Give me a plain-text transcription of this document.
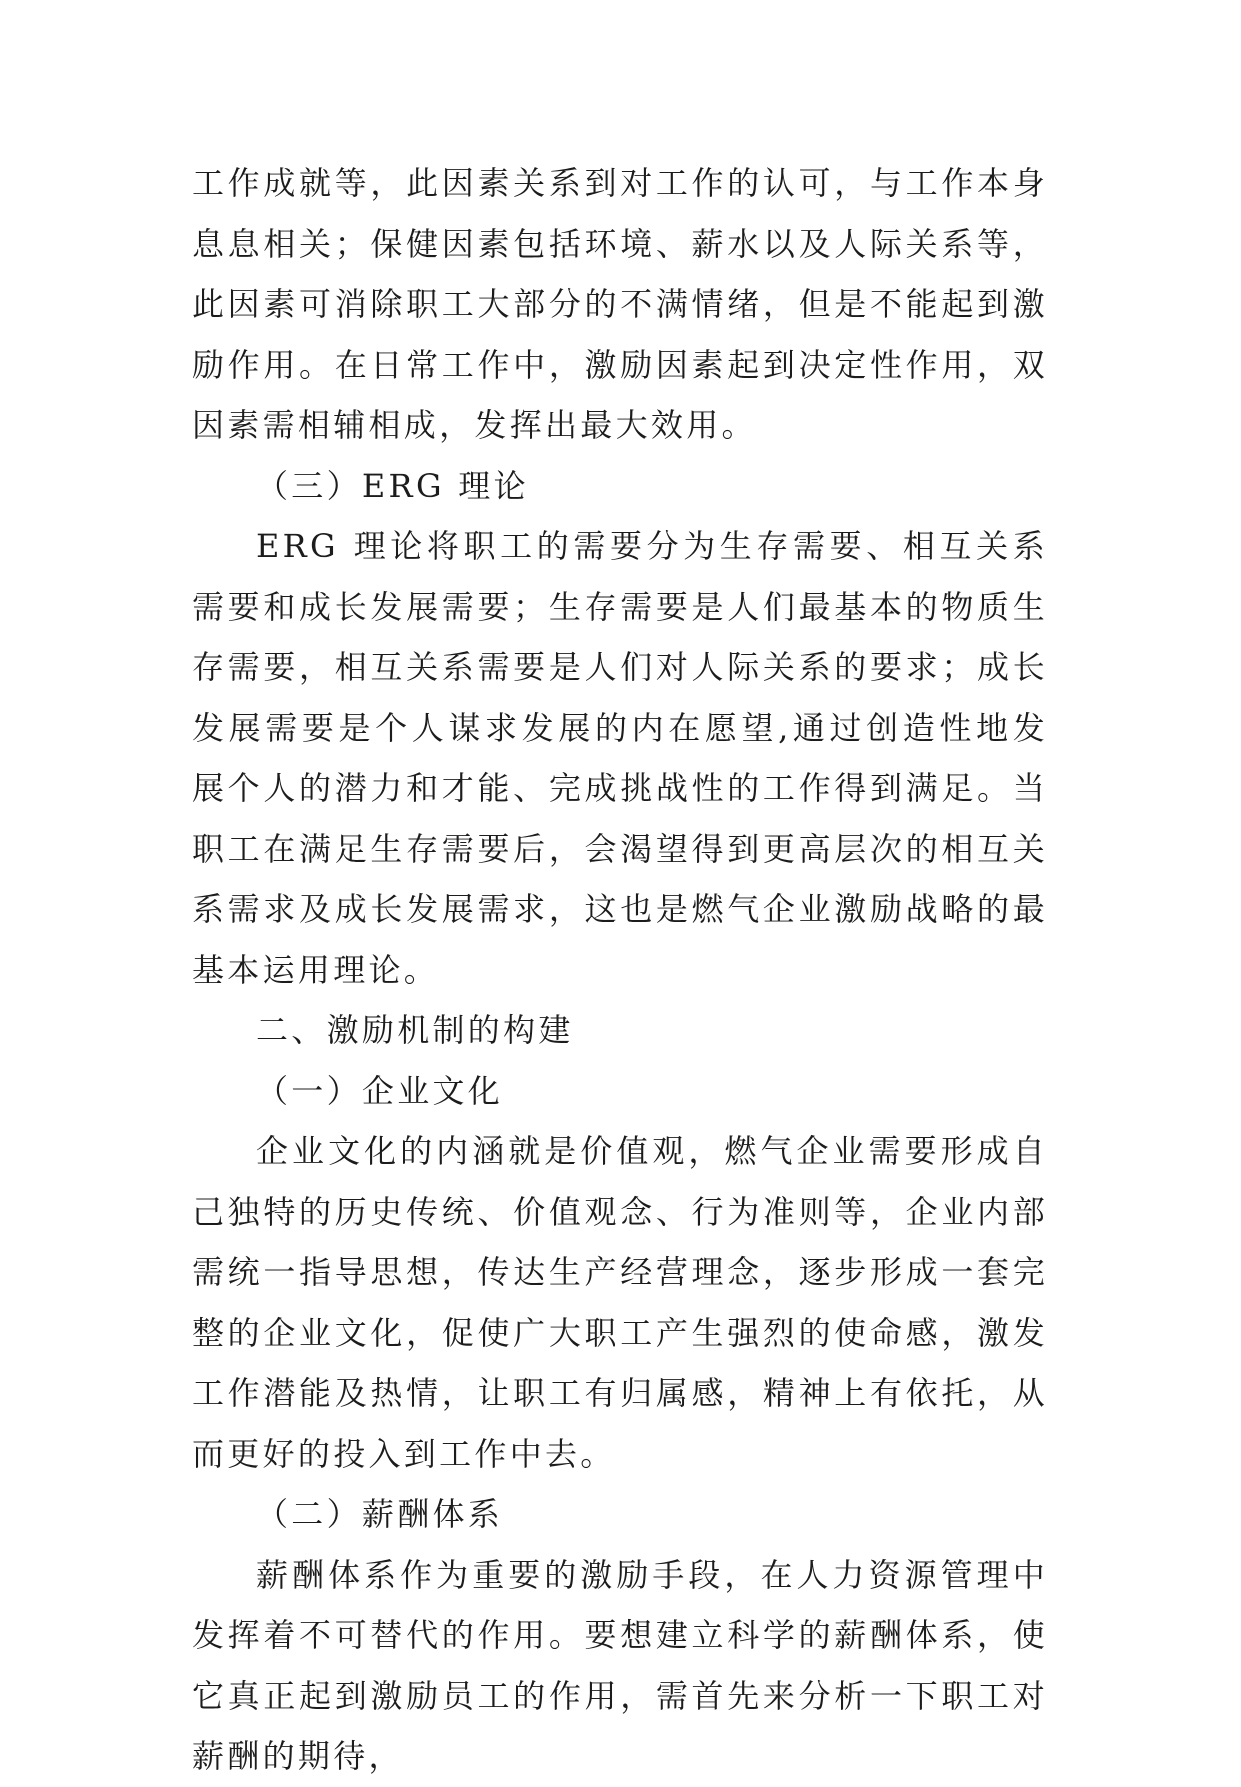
工作成就等，此因素关系到对工作的认可，与工作本身息息相关；保健因素包括环境、薪水以及人际关系等，此因素可消除职工大部分的不满情绪，但是不能起到激励作用。在日常工作中，激励因素起到决定性作用，双因素需相辅相成，发挥出最大效用。

（三）ERG 理论

ERG 理论将职工的需要分为生存需要、相互关系需要和成长发展需要；生存需要是人们最基本的物质生存需要，相互关系需要是人们对人际关系的要求；成长发展需要是个人谋求发展的内在愿望,通过创造性地发展个人的潜力和才能、完成挑战性的工作得到满足。当职工在满足生存需要后，会渴望得到更高层次的相互关系需求及成长发展需求，这也是燃气企业激励战略的最基本运用理论。

二、激励机制的构建

（一）企业文化

企业文化的内涵就是价值观，燃气企业需要形成自己独特的历史传统、价值观念、行为准则等，企业内部需统一指导思想，传达生产经营理念，逐步形成一套完整的企业文化，促使广大职工产生强烈的使命感，激发工作潜能及热情，让职工有归属感，精神上有依托，从而更好的投入到工作中去。

（二）薪酬体系

薪酬体系作为重要的激励手段，在人力资源管理中发挥着不可替代的作用。要想建立科学的薪酬体系，使它真正起到激励员工的作用，需首先来分析一下职工对薪酬的期待，
